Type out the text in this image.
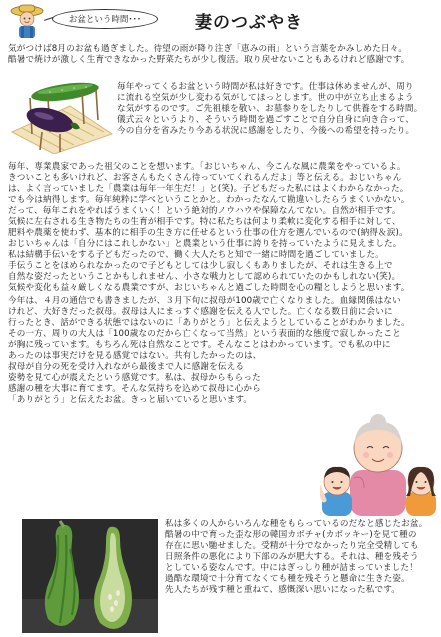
お盆という時間･･･	妻のつぶやき
気がつけば8月のお盆も過ぎました。待望の雨が降り注ぎ「恵みの雨」という言葉をかみしめた日々。
酷暑で焼けが激しく生育できなかった野菜たちが少し復活。取り戻せないこともあるけれど感謝です。
毎年やってくるお盆という時間が私は好きです。仕事は休めませんが、周り
に流れる空気が少し変わる気がしてほっとします。世の中が立ち止まるよう
な気がするのです。ご先祖様を敬い、お墓参りをしたりして供養をする時間。
儀式云々というより、そういう時間を過ごすことで自分自身に向き合って、
今の自分を省みたり今ある状況に感謝をしたり、今後への希望を持ったり。
毎年、専業農家であった祖父のことを想います。「おじいちゃん、今こんな風に農業をやっているよ。
きついことも多いけれど、お客さんもたくさん待っていてくれるんだよ」等と伝える。おじいちゃん
は、よく言っていました「農業は毎年一年生だ！」と(笑)。子どもだった私にはよくわからなかった。
でも今は納得します。毎年純粋に学べということかと。わかったなんて勘違いしたらうまくいかない。
だって、毎年これをやればうまくいく！という絶対的ノウハウや保障なんてない。自然が相手です。
気候に左右される生き物たちの生育が相手です。特に私たちは何より柔軟に変化する相手に対して、
肥料や農薬を使わず、基本的に相手の生き方に任せるという仕事の仕方を選んでいるので(納得＆涙)。
おじいちゃんは「自分にはこれしかない」と農業という仕事に誇りを持っていたように見えました。
私は結構手伝いをする子どもだったので、働く大人たちと知で一緒に時間を過ごしていました。
手伝うことをほめられなかったので子どもとしては少し寂しくもありましたが、それは生きる上で
自然な姿だったということかもしれません、小さな戦力として認められていたのかもしれない(笑)。
気候や変化も益々厳しくなる農業ですが、おじいちゃんと過ごした時間を心の糧としようと思います。
今年は、４月の通信でも書きましたが、３月下旬に叔母が100歳で亡くなりました。血縁関係はない
けれど、大好きだった叔母。叔母は人にまっすぐ感謝を伝える人でした。亡くなる数日前に会いに
行ったとき、話ができる状態ではないのに「ありがとう」と伝えようとしていることがわかりました。
その一方、周りの大人は「100歳なのだから亡くなって当然」という表面的な態度で寂しかったこと
が胸に残っています。もちろん死は自然なことです。そんなことはわかっています。でも私の中に
あったのは事実だけを見る感覚ではない。共有したかったのは、
叔母が自分の死を受け入れながら最後まで人に感謝を伝える
姿勢を見て心が震えたという感覚です。私は、叔母からもらった
感謝の種を大事に育てます。そんな気持ちを込めて叔母に心から
「ありがとう」と伝えたお盆。きっと届いていると思います。
私は多くの人からいろんな種をもらっているのだなと感じたお盆。
酷暑の中で育った歪な形の韓国カボチャ(カボッキー)を見て種の
存在に思い馳せました。受精が十分でなかったり完全受精しても
日照条件の悪化により下部のみが肥大する。それは、種を残そう
としている姿なんです。中にはぎっしり種が詰まっていました！
過酷な環境で十分育てなくても種を残そうと懸命に生きた姿。
先人たちが残す種と重ねて、感慨深い思いになった私です。
